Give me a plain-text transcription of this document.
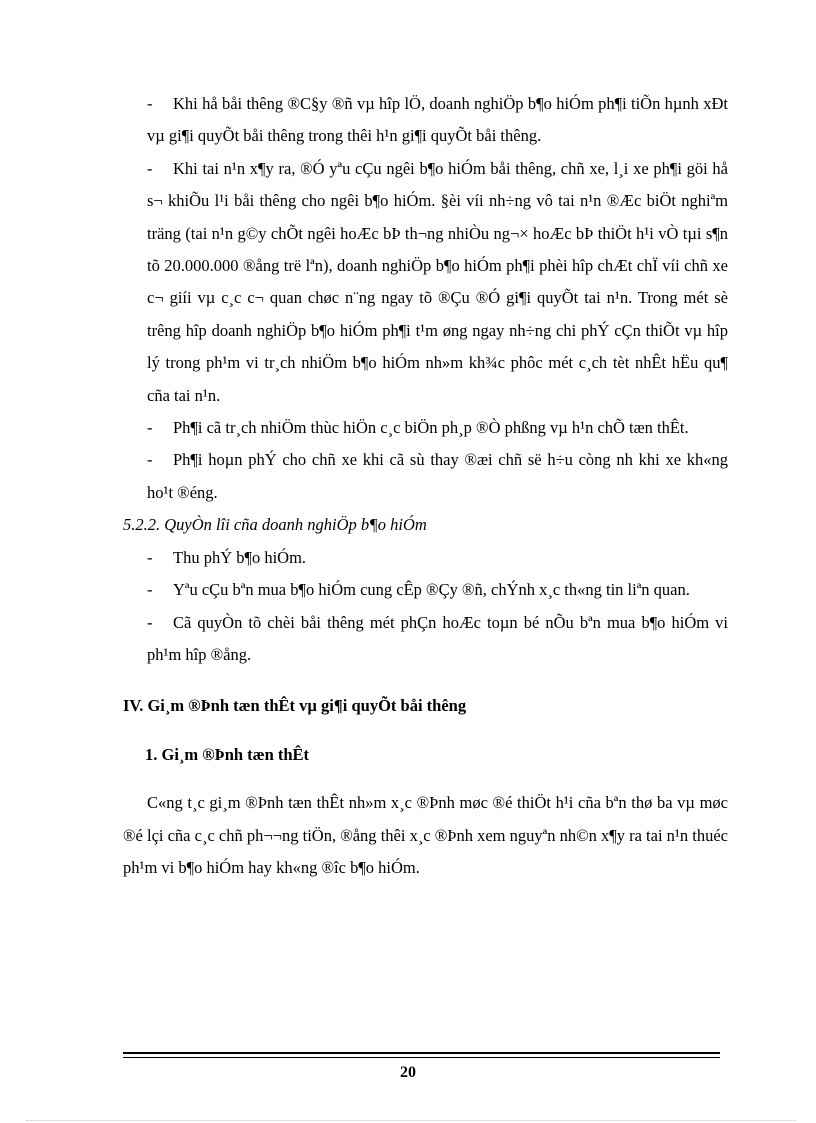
- Khi hå båi thêng ®C§y ®ñ vµ hîp lÖ, doanh nghiÖp b¶o hiÓm ph¶i tiÕn hµnh xÐt vµ gi¶i quyÕt båi thêng trong thêi h¹n gi¶i quyÕt båi thêng.

- Khi tai n¹n x¶y ra, ®Ó yªu cÇu ngêi b¶o hiÓm båi thêng, chñ xe, l¸i xe ph¶i göi hå s¬ khiÕu l¹i båi thêng cho ngêi b¶o hiÓm. §èi víi nh÷ng vô tai n¹n ®Æc biÖt nghiªm träng (tai n¹n g©y chÕt ngêi hoÆc bÞ th¬ng nhiÒu ng¬× hoÆc bÞ thiÖt h¹i vÒ tµi s¶n tõ 20.000.000 ®ång trë lªn), doanh nghiÖp b¶o hiÓm ph¶i phèi hîp chÆt chÏ víi chñ xe c¬ giíi vµ c¸c c¬ quan chøc n¨ng ngay tõ ®Çu ®Ó gi¶i quyÕt tai n¹n. Trong mét sè trêng hîp doanh nghiÖp b¶o hiÓm ph¶i t¹m øng ngay nh÷ng chi phÝ cÇn thiÕt vµ hîp lý trong ph¹m vi tr¸ch nhiÖm b¶o hiÓm nh»m kh¾c phôc mét c¸ch tèt nhÊt hËu qu¶ cña tai n¹n.

- Ph¶i cã tr¸ch nhiÖm thùc hiÖn c¸c biÖn ph¸p ®Ò phßng vµ h¹n chÕ tæn thÊt.

- Ph¶i hoµn phÝ cho chñ xe khi cã sù thay ®æi chñ së h÷u còng nh khi xe kh«ng ho¹t ®éng.

5.2.2. QuyÒn lîi cña doanh nghiÖp b¶o hiÓm

- Thu phÝ b¶o hiÓm.

- Yªu cÇu bªn mua b¶o hiÓm cung cÊp ®Çy ®ñ, chÝnh x¸c th«ng tin liªn quan.

- Cã quyÒn tõ chèi båi thêng mét phÇn hoÆc toµn bé nÕu bªn mua b¶o hiÓm vi ph¹m hîp ®ång.

IV. Gi¸m ®Þnh tæn thÊt vµ gi¶i quyÕt båi thêng

1. Gi¸m ®Þnh tæn thÊt

C«ng t¸c gi¸m ®Þnh tæn thÊt nh»m x¸c ®Þnh møc ®é thiÖt h¹i cña bªn thø ba vµ møc ®é lçi cña c¸c chñ ph¬¬ng tiÖn, ®ång thêi x¸c ®Þnh xem nguyªn nh©n x¶y ra tai n¹n thuéc ph¹m vi b¶o hiÓm hay kh«ng ®îc b¶o hiÓm.

20
